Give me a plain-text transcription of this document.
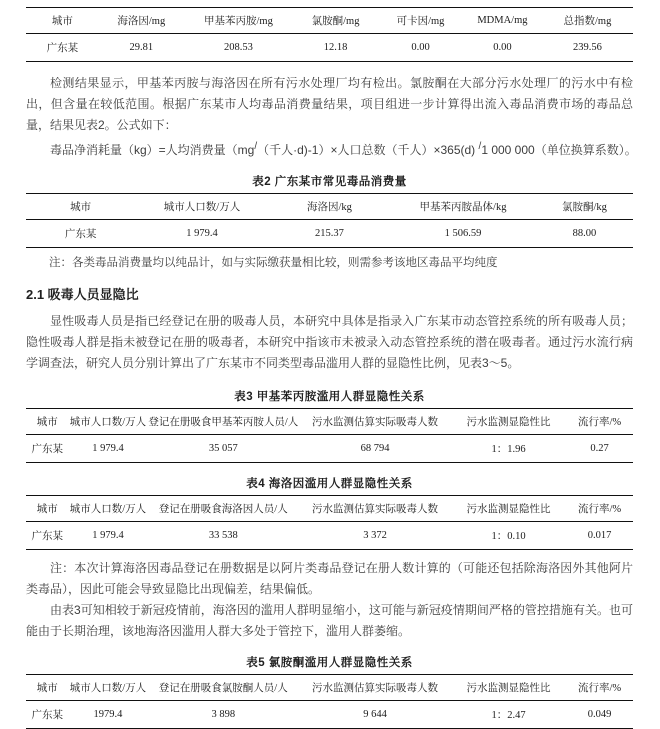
城市	海洛因/mg	甲基苯丙胺/mg	氯胺酮/mg	可卡因/mg	MDMA/mg	总指数/mg
广东某	29.81	208.53	12.18	0.00	0.00	239.56

检测结果显示，甲基苯丙胺与海洛因在所有污水处理厂均有检出。氯胺酮在大部分污水处理厂的污水中有检出，但含量在较低范围。根据广东某市人均毒品消费量结果，项目组进一步计算得出流入毒品消费市场的毒品总量，结果见表2。公式如下：

毒品净消耗量（kg）=人均消费量（mg/（千人·d)-1）×人口总数（千人）×365(d) /1 000 000（单位换算系数）。
表2 广东某市常见毒品消费量
城市	城市人口数/万人	海洛因/kg	甲基苯丙胺晶体/kg	氯胺酮/kg
广东某	1 979.4	215.37	1 506.59	88.00

注：各类毒品消费量均以纯品计，如与实际缴获量相比较，则需参考该地区毒品平均纯度

2.1 吸毒人员显隐比

显性吸毒人员是指已经登记在册的吸毒人员，本研究中具体是指录入广东某市动态管控系统的所有吸毒人员；隐性吸毒人群是指未被登记在册的吸毒者，本研究中指该市未被录入动态管控系统的潜在吸毒者。通过污水流行病学调查法，研究人员分别计算出了广东某市不同类型毒品滥用人群的显隐性比例，见表3～5。

表3 甲基苯丙胺滥用人群显隐性关系
城市	城市人口数/万人	登记在册吸食甲基苯丙胺人员/人	污水监测估算实际吸毒人数	污水监测显隐性比	流行率/%
广东某	1 979.4	35 057	68 794	1：1.96	0.27
表4 海洛因滥用人群显隐性关系
城市	城市人口数/万人	登记在册吸食海洛因人员/人	污水监测估算实际吸毒人数	污水监测显隐性比	流行率/%
广东某	1 979.4	33 538	3 372	1：0.10	0.017

注：本次计算海洛因毒品登记在册数据是以阿片类毒品登记在册人数计算的（可能还包括除海洛因外其他阿片类毒品），因此可能会导致显隐比出现偏差，结果偏低。

由表3可知相较于新冠疫情前，海洛因的滥用人群明显缩小，这可能与新冠疫情期间严格的管控措施有关。也可能由于长期治理，该地海洛因滥用人群大多处于管控下，滥用人群萎缩。

表5 氯胺酮滥用人群显隐性关系
城市	城市人口数/万人	登记在册吸食氯胺酮人员/人	污水监测估算实际吸毒人数	污水监测显隐性比	流行率/%
广东某	1979.4	3 898	9 644	1：2.47	0.049
